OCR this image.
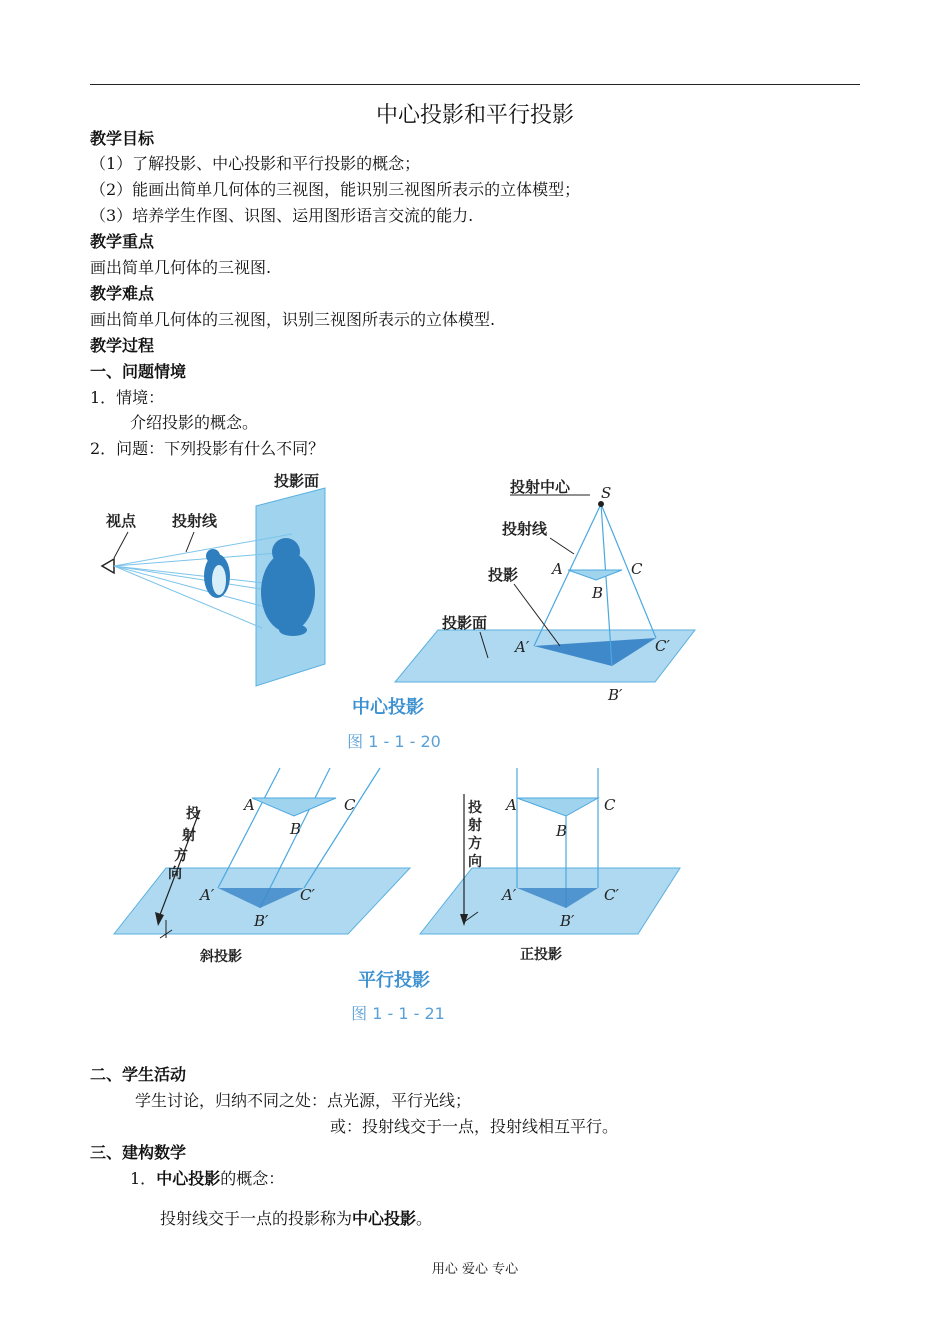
中心投影和平行投影
教学目标
（1）了解投影、中心投影和平行投影的概念；
（2）能画出简单几何体的三视图，能识别三视图所表示的立体模型；
（3）培养学生作图、识图、运用图形语言交流的能力.
教学重点
画出简单几何体的三视图.
教学难点
画出简单几何体的三视图，识别三视图所表示的立体模型.
教学过程
一、问题情境
1．情境：
介绍投影的概念。
2．问题：下列投影有什么不同？
投影面
视点 投射线
投射中心 S
投射线
投影
投影面
A	C
B
A′	C′
B′
中心投影
图 1 - 1 - 20
投
射
方
向
A	C
B
A′	C′
B′
斜投影
投
射
方
向
A	C
B
A′	C′
B′
正投影
平行投影
图 1 - 1 - 21
二、学生活动
学生讨论，归纳不同之处：点光源，平行光线；
或：投射线交于一点，投射线相互平行。
三、建构数学
1．中心投影的概念：
投射线交于一点的投影称为中心投影。
用心 爱心 专心
